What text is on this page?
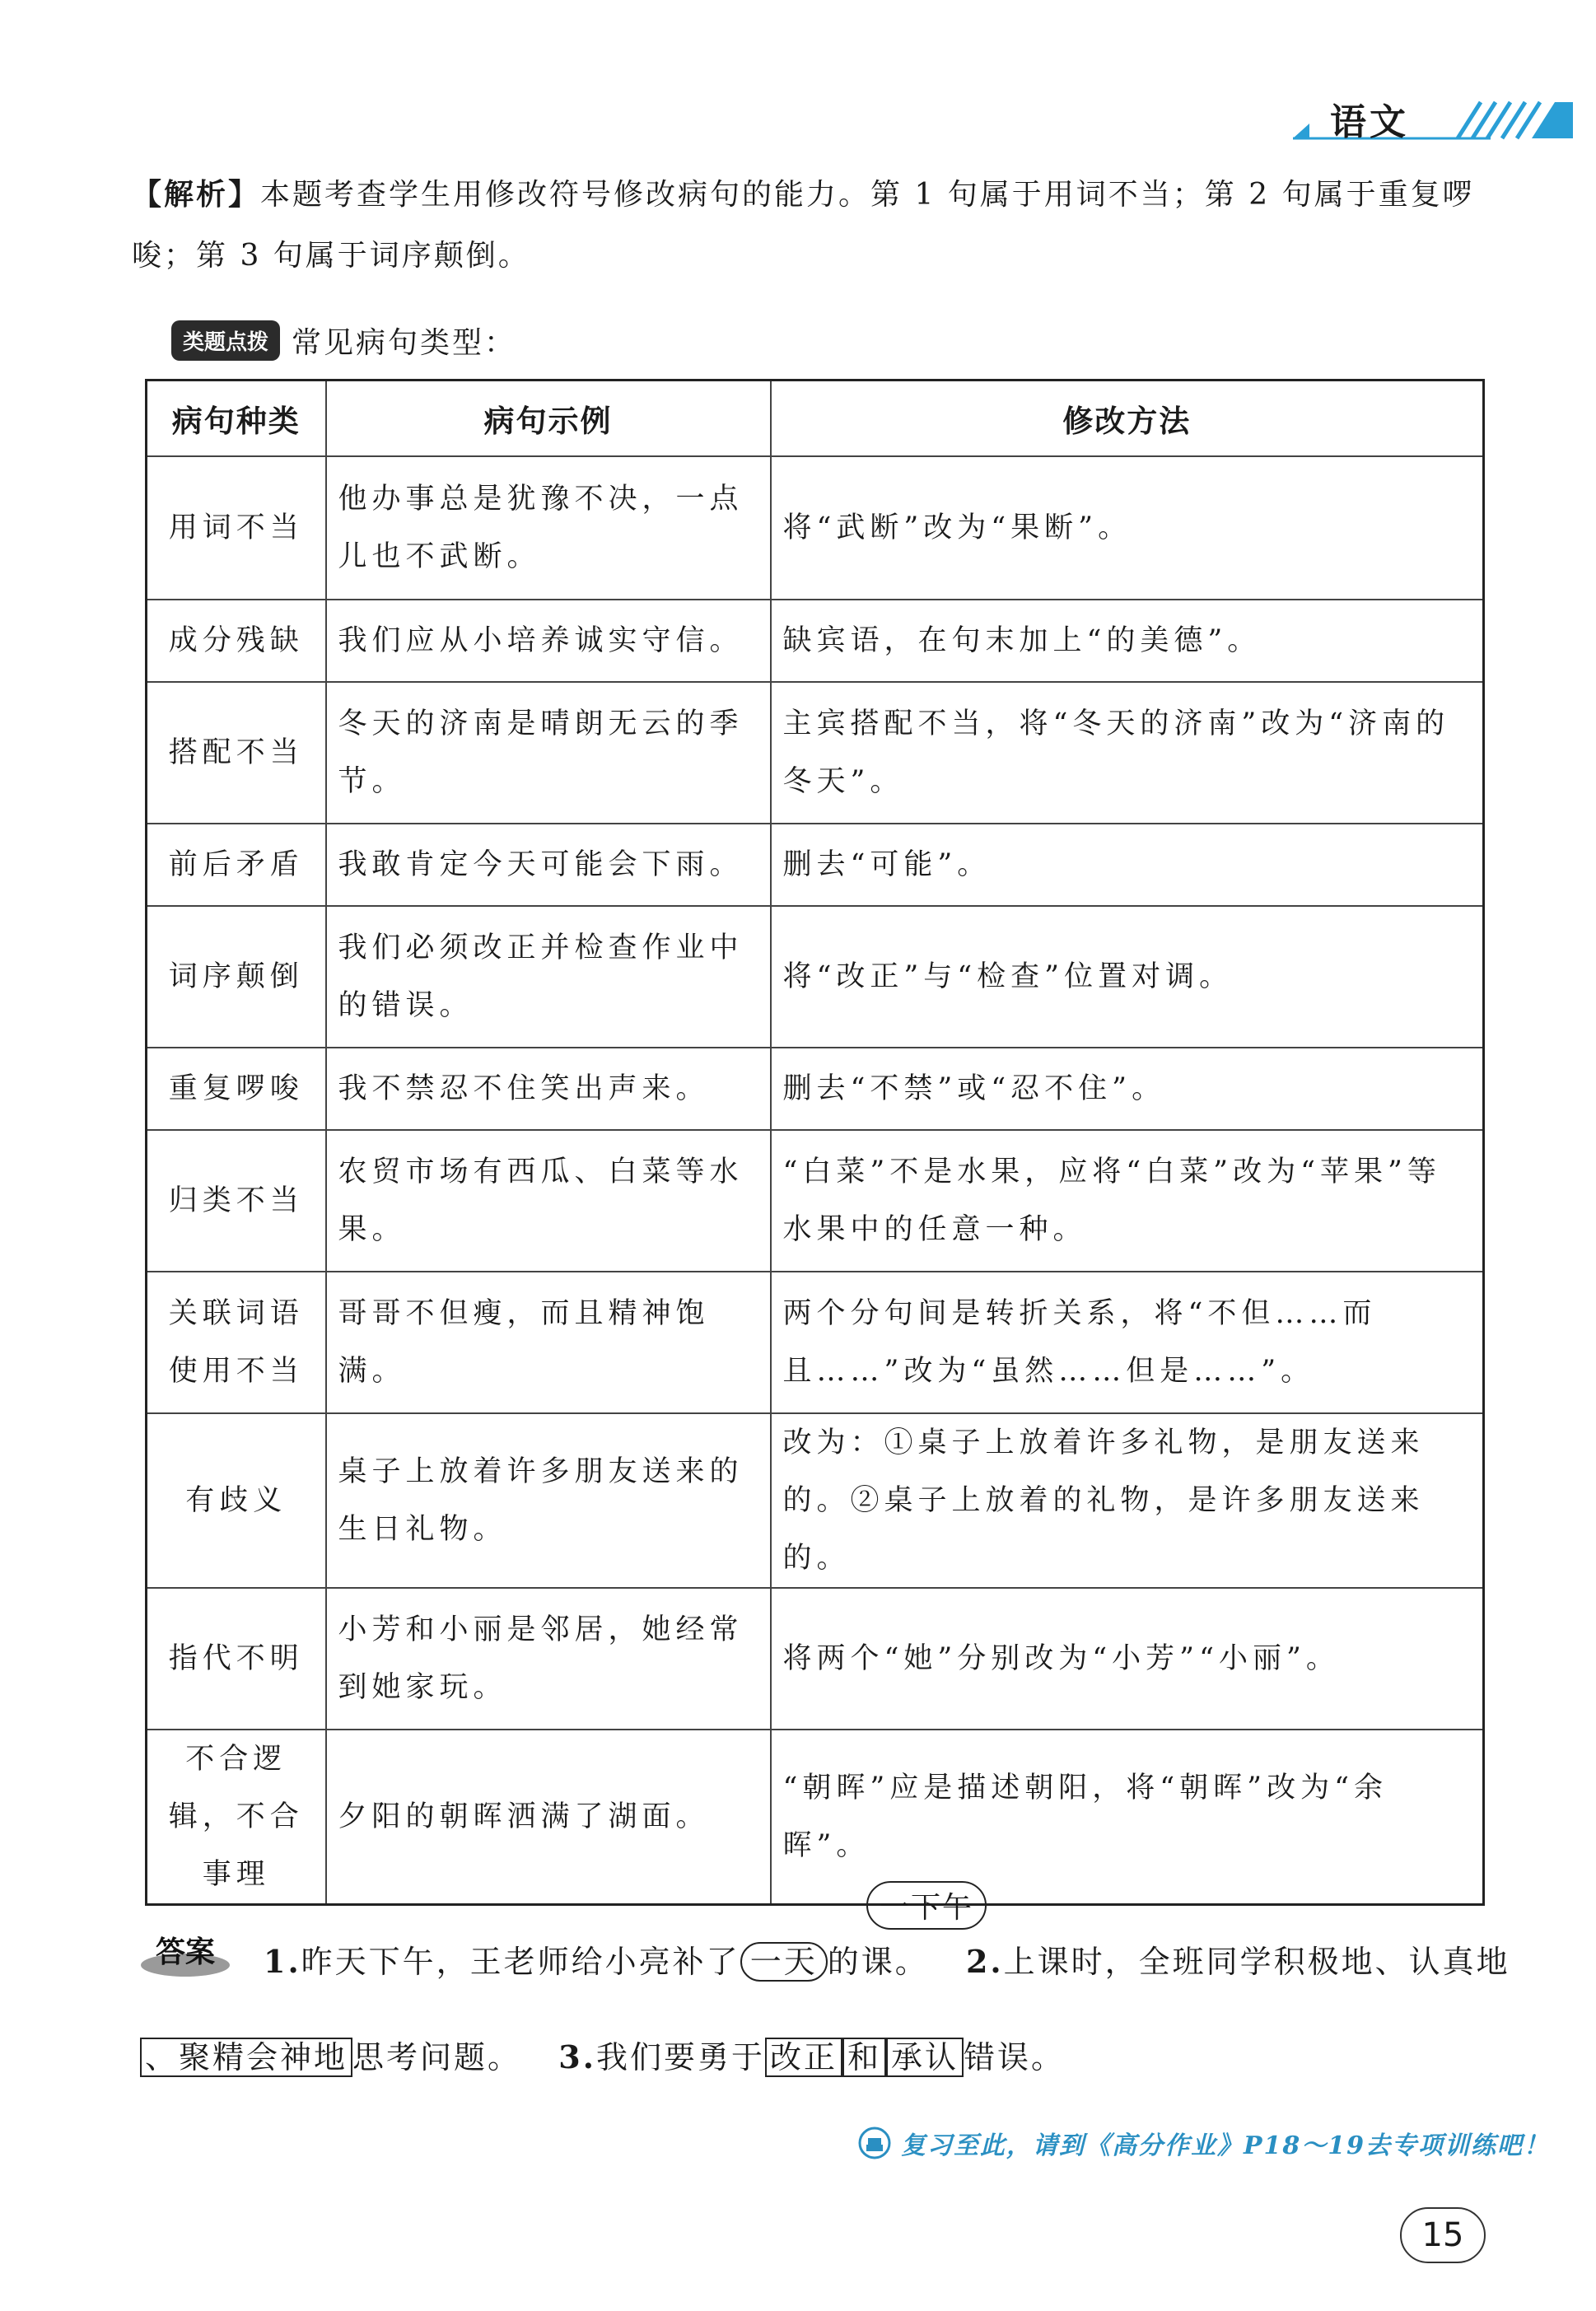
语文
【解析】本题考查学生用修改符号修改病句的能力。第 1 句属于用词不当；第 2 句属于重复啰唆；第 3 句属于词序颠倒。
类题点拨 常见病句类型：
病句种类	病句示例	修改方法
用词不当	他办事总是犹豫不决，一点儿也不武断。	将“武断”改为“果断”。
成分残缺	我们应从小培养诚实守信。	缺宾语，在句末加上“的美德”。
搭配不当	冬天的济南是晴朗无云的季节。	主宾搭配不当，将“冬天的济南”改为“济南的冬天”。
前后矛盾	我敢肯定今天可能会下雨。	删去“可能”。
词序颠倒	我们必须改正并检查作业中的错误。	将“改正”与“检查”位置对调。
重复啰唆	我不禁忍不住笑出声来。	删去“不禁”或“忍不住”。
归类不当	农贸市场有西瓜、白菜等水果。	“白菜”不是水果，应将“白菜”改为“苹果”等水果中的任意一种。
关联词语使用不当	哥哥不但瘦，而且精神饱满。	两个分句间是转折关系，将“不但……而且……”改为“虽然……但是……”。
有歧义	桌子上放着许多朋友送来的生日礼物。	改为：①桌子上放着许多礼物，是朋友送来的。②桌子上放着的礼物，是许多朋友送来的。
指代不明	小芳和小丽是邻居，她经常到她家玩。	将两个“她”分别改为“小芳”“小丽”。
不合逻辑，不合事理	夕阳的朝晖洒满了湖面。	“朝晖”应是描述朝阳，将“朝晖”改为“余晖”。
答案
一下午
1.昨天下午，王老师给小亮补了 一天 的课。 2.上课时，全班同学积极地、认真地
、聚精会神地 思考问题。 3.我们要勇于 改正 和 承认 错误。
复习至此，请到《高分作业》P18～19去专项训练吧！
15
